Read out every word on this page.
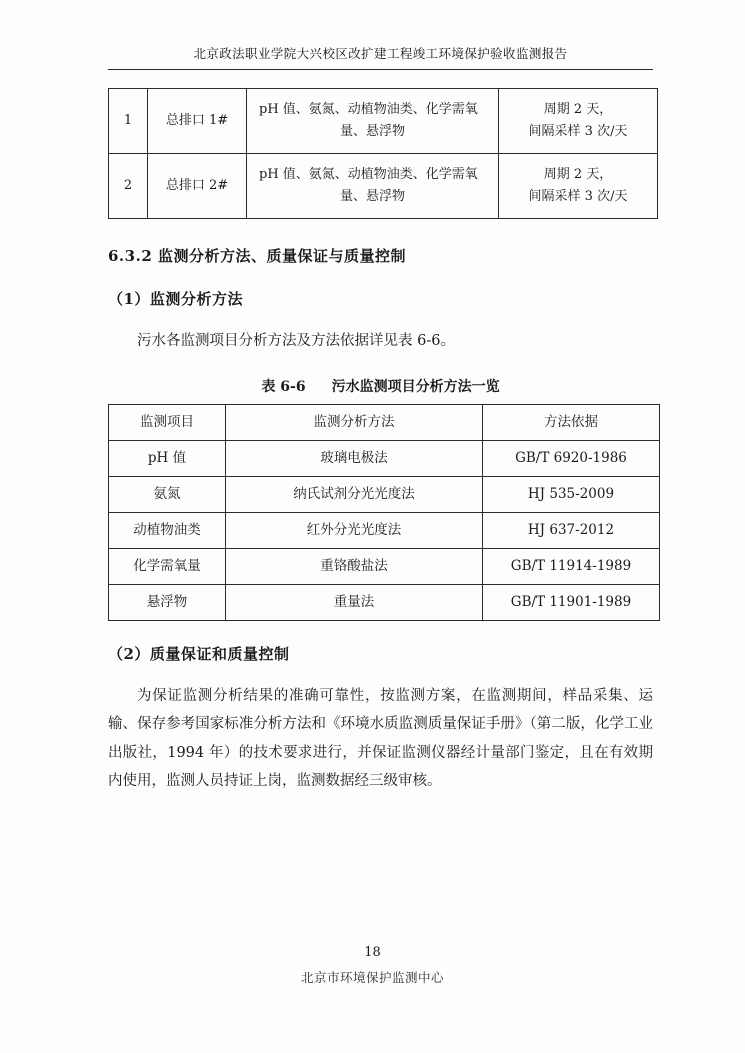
北京政法职业学院大兴校区改扩建工程竣工环境保护验收监测报告
1	总排口 1#	pH 值、氨氮、动植物油类、化学需氧
量、悬浮物	周期 2 天，
间隔采样 3 次/天

2	总排口 2#	pH 值、氨氮、动植物油类、化学需氧
量、悬浮物	周期 2 天，
间隔采样 3 次/天
6.3.2 监测分析方法、质量保证与质量控制

（1）监测分析方法

污水各监测项目分析方法及方法依据详见表 6-6。

表 6-6 污水监测项目分析方法一览
监测项目	监测分析方法	方法依据
pH 值	玻璃电极法	GB/T 6920-1986
氨氮	纳氏试剂分光光度法	HJ 535-2009
动植物油类	红外分光光度法	HJ 637-2012
化学需氧量	重铬酸盐法	GB/T 11914-1989
悬浮物	重量法	GB/T 11901-1989

（2）质量保证和质量控制

为保证监测分析结果的准确可靠性，按监测方案，在监测期间，样品采集、运输、保存参考国家标准分析方法和《环境水质监测质量保证手册》（第二版，化学工业出版社，1994 年）的技术要求进行，并保证监测仪器经计量部门鉴定，且在有效期内使用，监测人员持证上岗，监测数据经三级审核。

18
北京市环境保护监测中心
